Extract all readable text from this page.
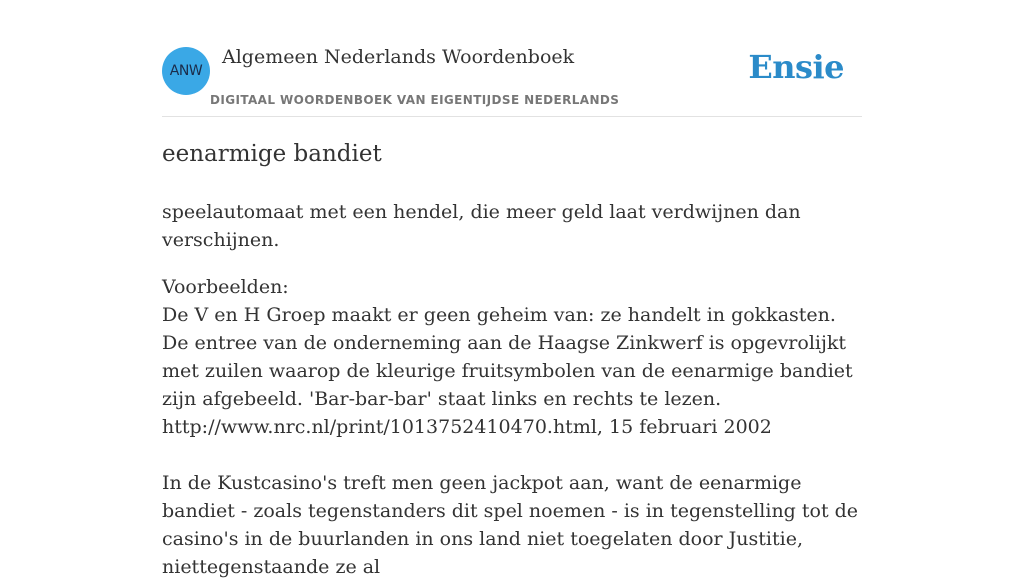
ANW
Algemeen Nederlands Woordenboek
DIGITAAL WOORDENBOEK VAN EIGENTIJDSE NEDERLANDS
Ensie
eenarmige bandiet

speelautomaat met een hendel, die meer geld laat verdwijnen dan verschijnen.

Voorbeelden:
De V en H Groep maakt er geen geheim van: ze handelt in gokkasten. De entree van de onderneming aan de Haagse Zinkwerf is opgevrolijkt met zuilen waarop de kleurige fruitsymbolen van de eenarmige bandiet zijn afgebeeld. 'Bar-bar-bar' staat links en rechts te lezen.
http://www.nrc.nl/print/1013752410470.html, 15 februari 2002
In de Kustcasino's treft men geen jackpot aan, want de eenarmige bandiet - zoals tegenstanders dit spel noemen - is in tegenstelling tot de casino's in de buurlanden in ons land niet toegelaten door Justitie, niettegenstaande ze al
